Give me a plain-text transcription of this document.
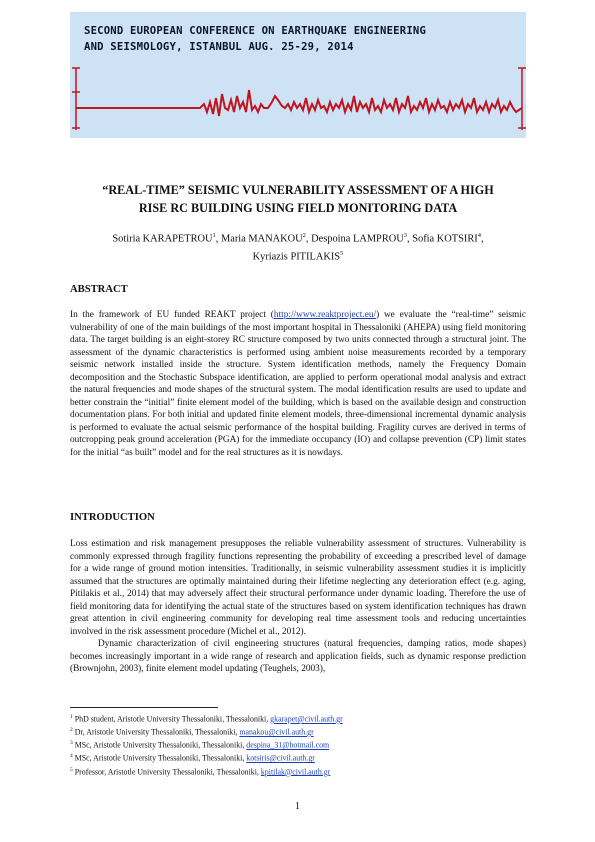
SECOND EUROPEAN CONFERENCE ON EARTHQUAKE ENGINEERING
AND SEISMOLOGY, ISTANBUL AUG. 25-29, 2014
“REAL-TIME” SEISMIC VULNERABILITY ASSESSMENT OF A HIGH
RISE RC BUILDING USING FIELD MONITORING DATA
Sotiria KARAPETROU$^1$, Maria MANAKOU$^2$, Despoina LAMPROU$^3$, Sofia KOTSIRI$^4$,
Kyriazis PITILAKIS$^5$
ABSTRACT

In the framework of EU funded REAKT project (http://www.reaktproject.eu/) we evaluate the “real-time” seismic vulnerability of one of the main buildings of the most important hospital in Thessaloniki (AHEPA) using field monitoring data. The target building is an eight-storey RC structure composed by two units connected through a structural joint. The assessment of the dynamic characteristics is performed using ambient noise measurements recorded by a temporary seismic network installed inside the structure. System identification methods, namely the Frequency Domain decomposition and the Stochastic Subspace identification, are applied to perform operational modal analysis and extract the natural frequencies and mode shapes of the structural system. The modal identification results are used to update and better constrain the “initial” finite element model of the building, which is based on the available design and construction documentation plans. For both initial and updated finite element models, three-dimensional incremental dynamic analysis is performed to evaluate the actual seismic performance of the hospital building. Fragility curves are derived in terms of outcropping peak ground acceleration (PGA) for the immediate occupancy (IO) and collapse prevention (CP) limit states for the initial “as built” model and for the real structures as it is nowdays.

INTRODUCTION

Loss estimation and risk management presupposes the reliable vulnerability assessment of structures. Vulnerability is commonly expressed through fragility functions representing the probability of exceeding a prescribed level of damage for a wide range of ground motion intensities. Traditionally, in seismic vulnerability assessment studies it is implicitly assumed that the structures are optimally maintained during their lifetime neglecting any deterioration effect (e.g. aging, Pitilakis et al., 2014) that may adversely affect their structural performance under dynamic loading. Therefore the use of field monitoring data for identifying the actual state of the structures based on system identification techniques has drawn great attention in civil engineering community for developing real time assessment tools and reducing uncertainties involved in the risk assessment procedure (Michel et al., 2012).

Dynamic characterization of civil engineering structures (natural frequencies, damping ratios, mode shapes) becomes increasingly important in a wide range of research and application fields, such as dynamic response prediction (Brownjohn, 2003), finite element model updating (Teughels, 2003),

$^1$ PhD student, Aristotle University Thessaloniki, Thessaloniki, gkarapet@civil.auth.gr
$^2$ Dr, Aristotle University Thessaloniki, Thessaloniki, manakou@civil.auth.gr
$^3$ MSc, Aristotle University Thessaloniki, Thessaloniki, despina_31@hotmail.com
$^4$ MSc, Aristotle University Thessaloniki, Thessaloniki, kotsiris@civil.auth.gr
$^5$ Professor, Aristotle University Thessaloniki, Thessaloniki, kpitilak@civil.auth.gr
1
